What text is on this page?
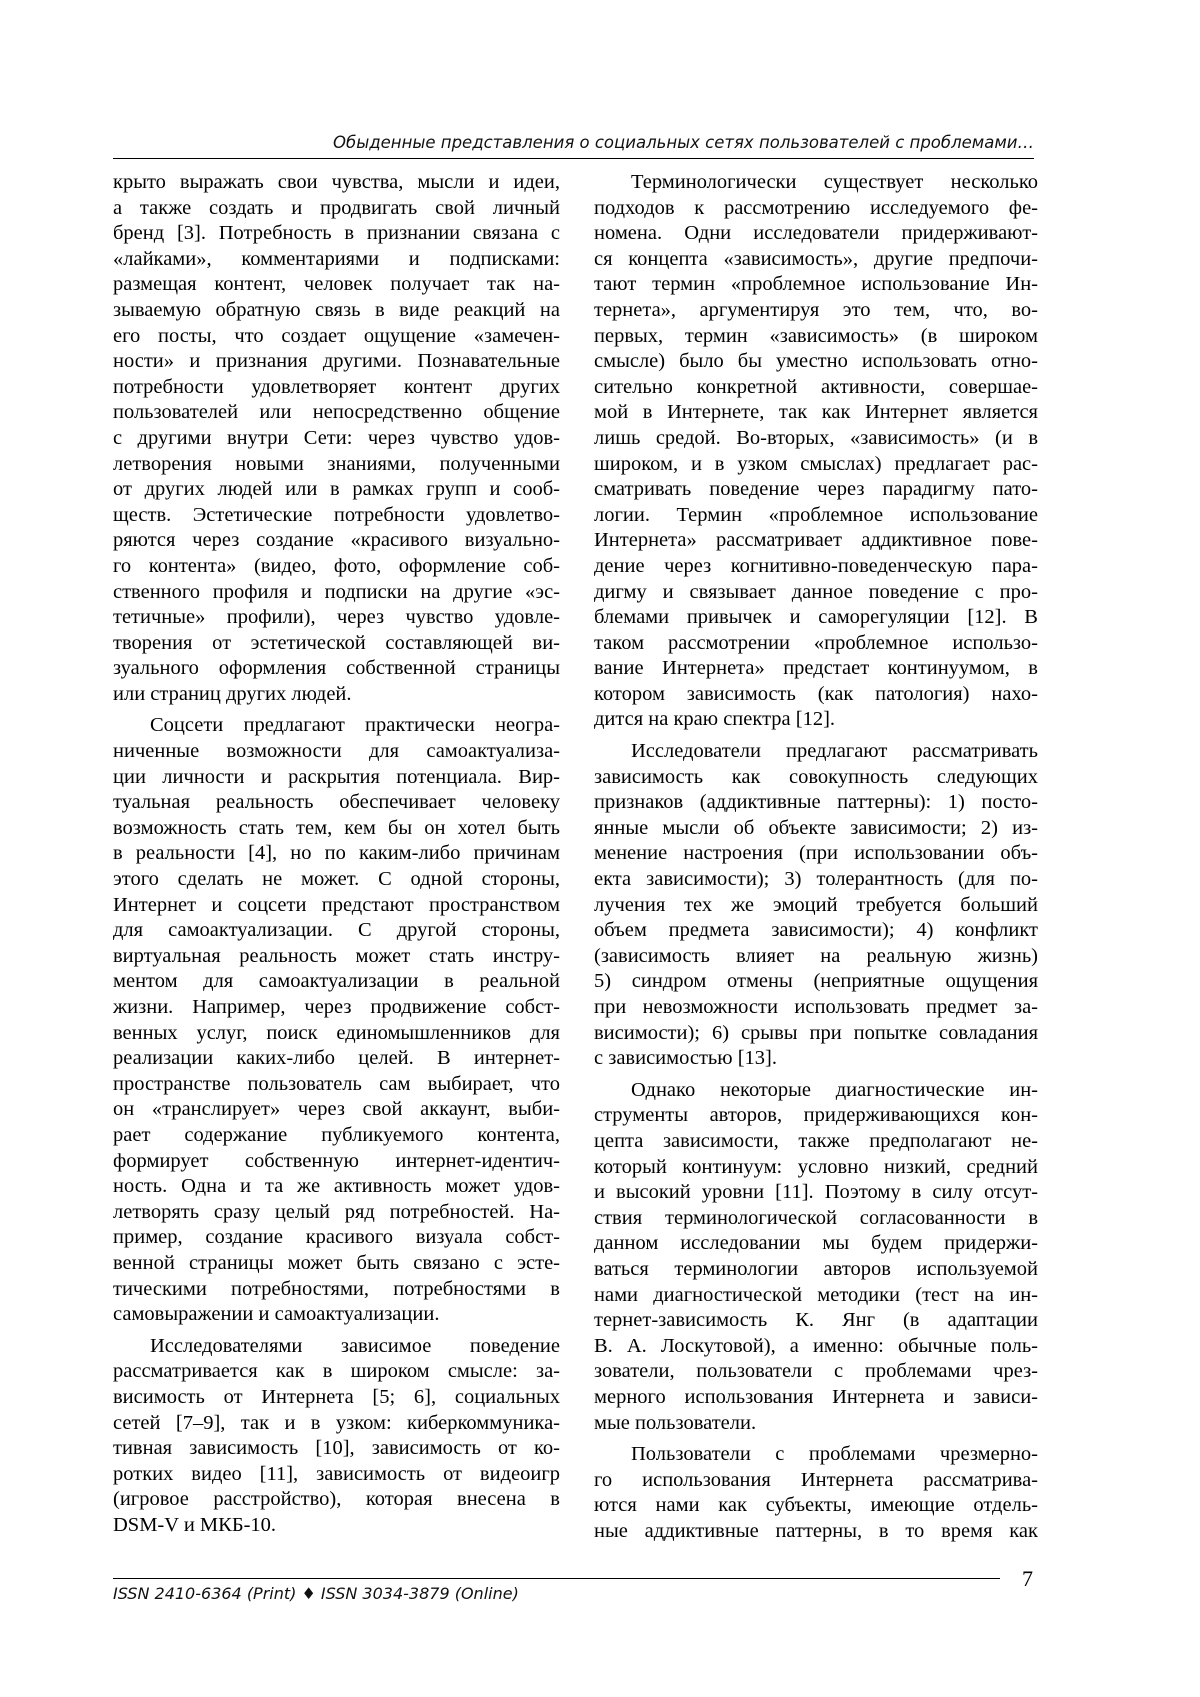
Обыденные представления о социальных сетях пользователей с проблемами…

крыто выражать свои чувства, мысли и идеи,
а также создать и продвигать свой личный
бренд [3]. Потребность в признании связана с
«лайками», комментариями и подписками:
размещая контент, человек получает так на-
зываемую обратную связь в виде реакций на
его посты, что создает ощущение «замечен-
ности» и признания другими. Познавательные
потребности удовлетворяет контент других
пользователей или непосредственно общение
с другими внутри Сети: через чувство удов-
летворения новыми знаниями, полученными
от других людей или в рамках групп и сооб-
ществ. Эстетические потребности удовлетво-
ряются через создание «красивого визуально-
го контента» (видео, фото, оформление соб-
ственного профиля и подписки на другие «эс-
тетичные» профили), через чувство удовле-
творения от эстетической составляющей ви-
зуального оформления собственной страницы
или страниц других людей.

Соцсети предлагают практически неогра-
ниченные возможности для самоактуализа-
ции личности и раскрытия потенциала. Вир-
туальная реальность обеспечивает человеку
возможность стать тем, кем бы он хотел быть
в реальности [4], но по каким-либо причинам
этого сделать не может. С одной стороны,
Интернет и соцсети предстают пространством
для самоактуализации. С другой стороны,
виртуальная реальность может стать инстру-
ментом для самоактуализации в реальной
жизни. Например, через продвижение собст-
венных услуг, поиск единомышленников для
реализации каких-либо целей. В интернет-
пространстве пользователь сам выбирает, что
он «транслирует» через свой аккаунт, выби-
рает содержание публикуемого контента,
формирует собственную интернет-идентич-
ность. Одна и та же активность может удов-
летворять сразу целый ряд потребностей. На-
пример, создание красивого визуала собст-
венной страницы может быть связано с эсте-
тическими потребностями, потребностями в
самовыражении и самоактуализации.

Исследователями зависимое поведение
рассматривается как в широком смысле: за-
висимость от Интернета [5; 6], социальных
сетей [7–9], так и в узком: киберкоммуника-
тивная зависимость [10], зависимость от ко-
ротких видео [11], зависимость от видеоигр
(игровое расстройство), которая внесена в
DSM-V и МКБ-10.

Терминологически существует несколько
подходов к рассмотрению исследуемого фе-
номена. Одни исследователи придерживают-
ся концепта «зависимость», другие предпочи-
тают термин «проблемное использование Ин-
тернета», аргументируя это тем, что, во-
первых, термин «зависимость» (в широком
смысле) было бы уместно использовать отно-
сительно конкретной активности, совершае-
мой в Интернете, так как Интернет является
лишь средой. Во-вторых, «зависимость» (и в
широком, и в узком смыслах) предлагает рас-
сматривать поведение через парадигму пато-
логии. Термин «проблемное использование
Интернета» рассматривает аддиктивное пове-
дение через когнитивно-поведенческую пара-
дигму и связывает данное поведение с про-
блемами привычек и саморегуляции [12]. В
таком рассмотрении «проблемное использо-
вание Интернета» предстает континуумом, в
котором зависимость (как патология) нахо-
дится на краю спектра [12].

Исследователи предлагают рассматривать
зависимость как совокупность следующих
признаков (аддиктивные паттерны): 1) посто-
янные мысли об объекте зависимости; 2) из-
менение настроения (при использовании объ-
екта зависимости); 3) толерантность (для по-
лучения тех же эмоций требуется больший
объем предмета зависимости); 4) конфликт
(зависимость влияет на реальную жизнь)
5) синдром отмены (неприятные ощущения
при невозможности использовать предмет за-
висимости); 6) срывы при попытке совладания
с зависимостью [13].

Однако некоторые диагностические ин-
струменты авторов, придерживающихся кон-
цепта зависимости, также предполагают не-
который континуум: условно низкий, средний
и высокий уровни [11]. Поэтому в силу отсут-
ствия терминологической согласованности в
данном исследовании мы будем придержи-
ваться терминологии авторов используемой
нами диагностической методики (тест на ин-
тернет-зависимость К. Янг (в адаптации
В. А. Лоскутовой), а именно: обычные поль-
зователи, пользователи с проблемами чрез-
мерного использования Интернета и зависи-
мые пользователи.

Пользователи с проблемами чрезмерно-
го использования Интернета рассматрива-
ются нами как субъекты, имеющие отдель-
ные аддиктивные паттерны, в то время как

ISSN 2410-6364 (Print) ♦ ISSN 3034-3879 (Online)
7
